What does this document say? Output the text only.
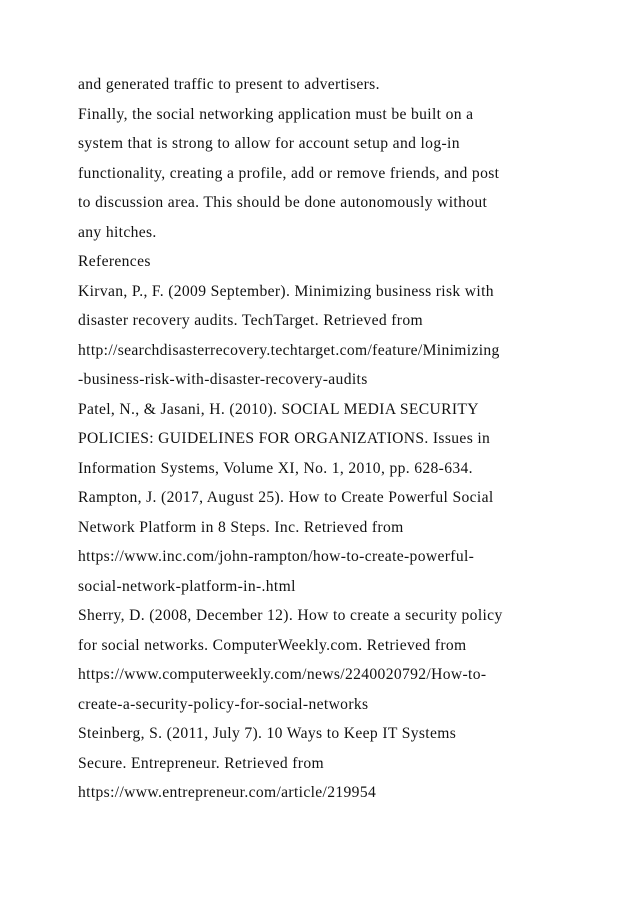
and generated traffic to present to advertisers.
Finally, the social networking application must be built on a
system that is strong to allow for account setup and log-in
functionality, creating a profile, add or remove friends, and post
to discussion area. This should be done autonomously without
any hitches.
References
Kirvan, P., F. (2009 September). Minimizing business risk with
disaster recovery audits. TechTarget. Retrieved from
http://searchdisasterrecovery.techtarget.com/feature/Minimizing
-business-risk-with-disaster-recovery-audits
Patel, N., & Jasani, H. (2010). SOCIAL MEDIA SECURITY
POLICIES: GUIDELINES FOR ORGANIZATIONS. Issues in
Information Systems, Volume XI, No. 1, 2010, pp. 628-634.
Rampton, J. (2017, August 25). How to Create Powerful Social
Network Platform in 8 Steps. Inc. Retrieved from
https://www.inc.com/john-rampton/how-to-create-powerful-
social-network-platform-in-.html
Sherry, D. (2008, December 12). How to create a security policy
for social networks. ComputerWeekly.com. Retrieved from
https://www.computerweekly.com/news/2240020792/How-to-
create-a-security-policy-for-social-networks
Steinberg, S. (2011, July 7). 10 Ways to Keep IT Systems
Secure. Entrepreneur. Retrieved from
https://www.entrepreneur.com/article/219954
